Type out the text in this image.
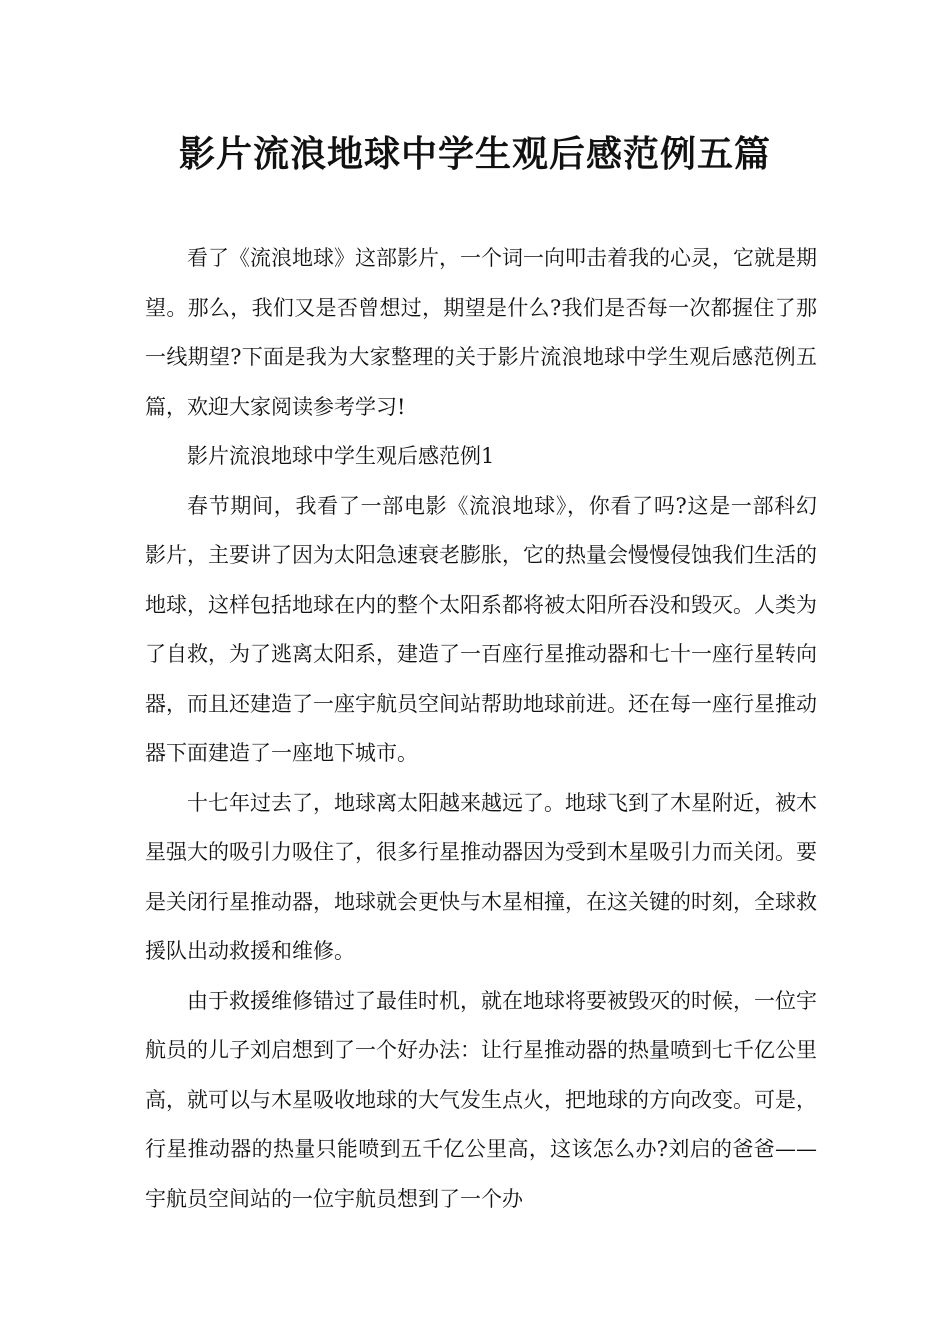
影片流浪地球中学生观后感范例五篇

看了《流浪地球》这部影片，一个词一向叩击着我的心灵，它就是期望。那么，我们又是否曾想过，期望是什么?我们是否每一次都握住了那一线期望?下面是我为大家整理的关于影片流浪地球中学生观后感范例五篇，欢迎大家阅读参考学习!

影片流浪地球中学生观后感范例1

春节期间，我看了一部电影《流浪地球》，你看了吗?这是一部科幻影片，主要讲了因为太阳急速衰老膨胀，它的热量会慢慢侵蚀我们生活的地球，这样包括地球在内的整个太阳系都将被太阳所吞没和毁灭。人类为了自救，为了逃离太阳系，建造了一百座行星推动器和七十一座行星转向器，而且还建造了一座宇航员空间站帮助地球前进。还在每一座行星推动器下面建造了一座地下城市。

十七年过去了，地球离太阳越来越远了。地球飞到了木星附近，被木星强大的吸引力吸住了，很多行星推动器因为受到木星吸引力而关闭。要是关闭行星推动器，地球就会更快与木星相撞，在这关键的时刻，全球救援队出动救援和维修。

由于救援维修错过了最佳时机，就在地球将要被毁灭的时候，一位宇航员的儿子刘启想到了一个好办法：让行星推动器的热量喷到七千亿公里高，就可以与木星吸收地球的大气发生点火，把地球的方向改变。可是，行星推动器的热量只能喷到五千亿公里高，这该怎么办?刘启的爸爸——宇航员空间站的一位宇航员想到了一个办
